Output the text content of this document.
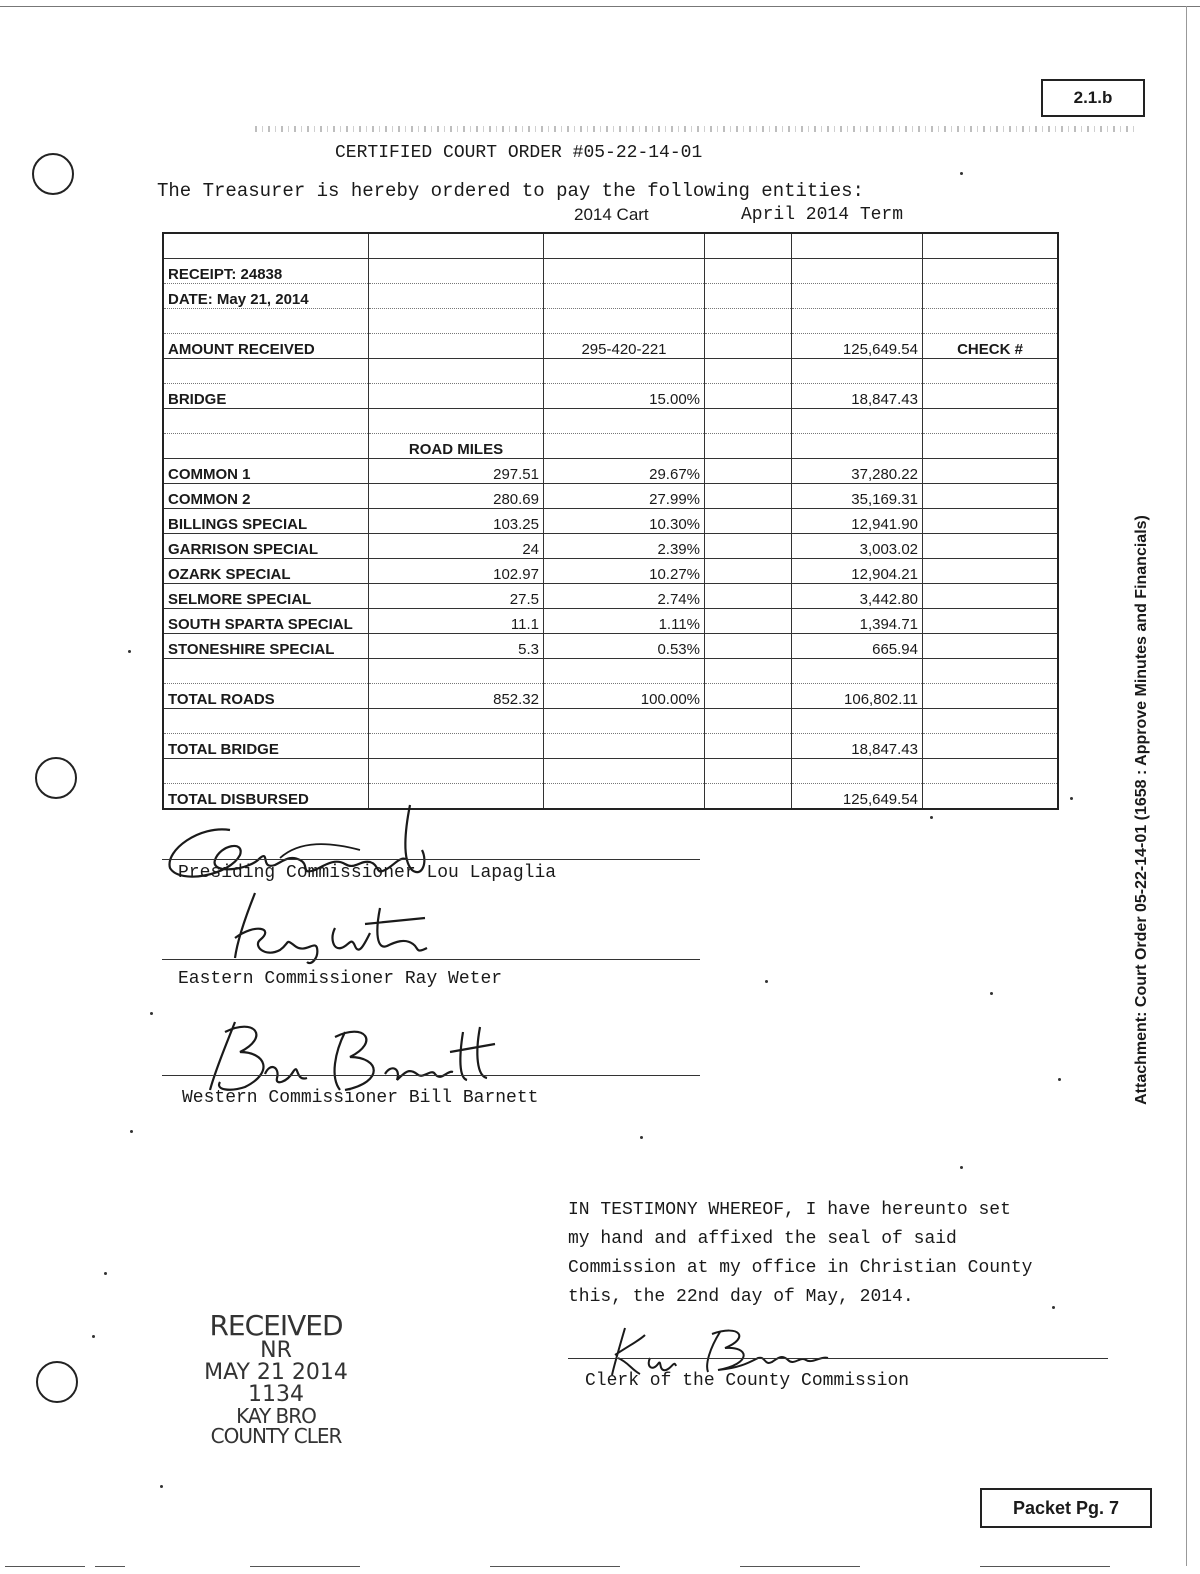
2.1.b
CERTIFIED COURT ORDER #05-22-14-01
The Treasurer is hereby ordered to pay the following entities:
2014 Cart	April 2014 Term

RECEIPT: 24838					
DATE: May 21, 2014					

AMOUNT RECEIVED		295-420-221		125,649.54	CHECK #

BRIDGE		15.00%		18,847.43	

	ROAD MILES				
COMMON 1	297.51	29.67%		37,280.22	
COMMON 2	280.69	27.99%		35,169.31	
BILLINGS SPECIAL	103.25	10.30%		12,941.90	
GARRISON SPECIAL	24	2.39%		3,003.02	
OZARK SPECIAL	102.97	10.27%		12,904.21	
SELMORE SPECIAL	27.5	2.74%		3,442.80	
SOUTH SPARTA SPECIAL	11.1	1.11%		1,394.71	
STONESHIRE SPECIAL	5.3	0.53%		665.94	

TOTAL ROADS	852.32	100.00%		106,802.11	

TOTAL BRIDGE				18,847.43	

TOTAL DISBURSED				125,649.54	
Presiding Commissioner Lou Lapaglia
Eastern Commissioner Ray Weter
Western Commissioner Bill Barnett
IN TESTIMONY WHEREOF, I have hereunto set
my hand and affixed the seal of said
Commission at my office in Christian County
this, the 22nd day of May, 2014.
Clerk of the County Commission
RECEIVED
NR
MAY 21 2014
1134
KAY BRO
COUNTY CLER
Attachment: Court Order 05-22-14-01 (1658 : Approve Minutes and Financials)
Packet Pg. 7
